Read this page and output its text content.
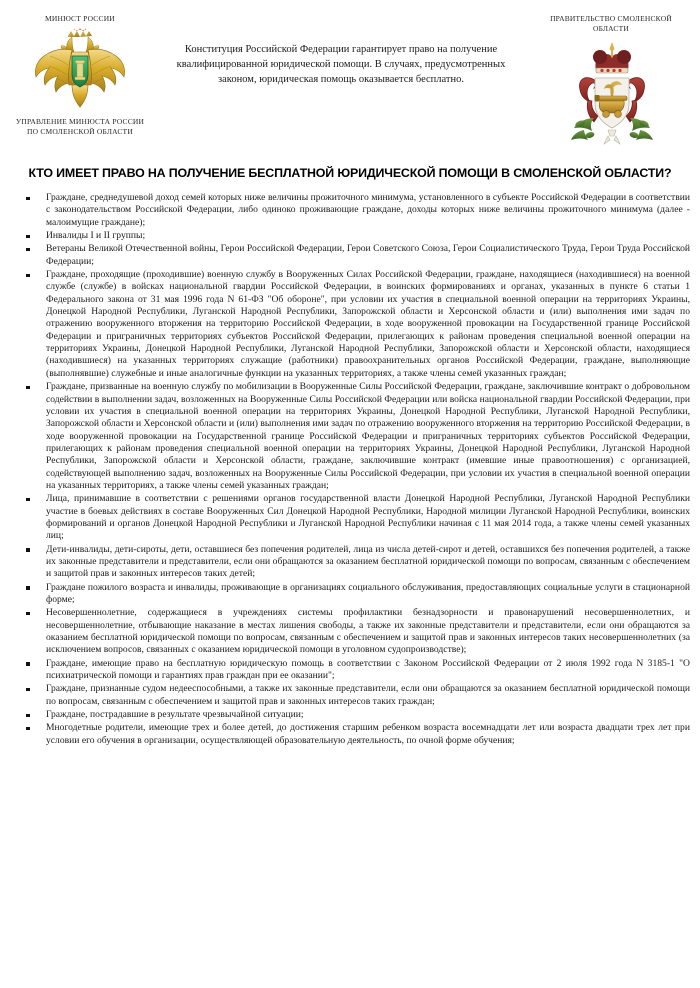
МИНЮСТ РОССИИ
УПРАВЛЕНИЕ МИНЮСТА РОССИИ ПО СМОЛЕНСКОЙ ОБЛАСТИ
Конституция Российской Федерации гарантирует право на получение квалифицированной юридической помощи. В случаях, предусмотренных законом, юридическая помощь оказывается бесплатно.
ПРАВИТЕЛЬСТВО СМОЛЕНСКОЙ ОБЛАСТИ
КТО ИМЕЕТ ПРАВО НА ПОЛУЧЕНИЕ БЕСПЛАТНОЙ ЮРИДИЧЕСКОЙ ПОМОЩИ В СМОЛЕНСКОЙ ОБЛАСТИ?
Граждане, среднедушевой доход семей которых ниже величины прожиточного минимума, установленного в субъекте Российской Федерации в соответствии с законодательством Российской Федерации, либо одиноко проживающие граждане, доходы которых ниже величины прожиточного минимума (далее - малоимущие граждане);
Инвалиды I и II группы;
Ветераны Великой Отечественной войны, Герои Российской Федерации, Герои Советского Союза, Герои Социалистического Труда, Герои Труда Российской Федерации;
Граждане, проходящие (проходившие) военную службу в Вооруженных Силах Российской Федерации, граждане, находящиеся (находившиеся) на военной службе (службе) в войсках национальной гвардии Российской Федерации, в воинских формированиях и органах, указанных в пункте 6 статьи 1 Федерального закона от 31 мая 1996 года N 61-ФЗ "Об обороне", при условии их участия в специальной военной операции на территориях Украины, Донецкой Народной Республики, Луганской Народной Республики, Запорожской области и Херсонской области и (или) выполнения ими задач по отражению вооруженного вторжения на территорию Российской Федерации, в ходе вооруженной провокации на Государственной границе Российской Федерации и приграничных территориях субъектов Российской Федерации, прилегающих к районам проведения специальной военной операции на территориях Украины, Донецкой Народной Республики, Луганской Народной Республики, Запорожской области и Херсонской области, находящиеся (находившиеся) на указанных территориях служащие (работники) правоохранительных органов Российской Федерации, граждане, выполняющие (выполнявшие) служебные и иные аналогичные функции на указанных территориях, а также члены семей указанных граждан;
Граждане, призванные на военную службу по мобилизации в Вооруженные Силы Российской Федерации, граждане, заключившие контракт о добровольном содействии в выполнении задач, возложенных на Вооруженные Силы Российской Федерации или войска национальной гвардии Российской Федерации, при условии их участия в специальной военной операции на территориях Украины, Донецкой Народной Республики, Луганской Народной Республики, Запорожской области и Херсонской области и (или) выполнения ими задач по отражению вооруженного вторжения на территорию Российской Федерации, в ходе вооруженной провокации на Государственной границе Российской Федерации и приграничных территориях субъектов Российской Федерации, прилегающих к районам проведения специальной военной операции на территориях Украины, Донецкой Народной Республики, Луганской Народной Республики, Запорожской области и Херсонской области, граждане, заключившие контракт (имевшие иные правоотношения) с организацией, содействующей выполнению задач, возложенных на Вооруженные Силы Российской Федерации, при условии их участия в специальной военной операции на указанных территориях, а также члены семей указанных граждан;
Лица, принимавшие в соответствии с решениями органов государственной власти Донецкой Народной Республики, Луганской Народной Республики участие в боевых действиях в составе Вооруженных Сил Донецкой Народной Республики, Народной милиции Луганской Народной Республики, воинских формирований и органов Донецкой Народной Республики и Луганской Народной Республики начиная с 11 мая 2014 года, а также члены семей указанных лиц;
Дети-инвалиды, дети-сироты, дети, оставшиеся без попечения родителей, лица из числа детей-сирот и детей, оставшихся без попечения родителей, а также их законные представители и представители, если они обращаются за оказанием бесплатной юридической помощи по вопросам, связанным с обеспечением и защитой прав и законных интересов таких детей;
Граждане пожилого возраста и инвалиды, проживающие в организациях социального обслуживания, предоставляющих социальные услуги в стационарной форме;
Несовершеннолетние, содержащиеся в учреждениях системы профилактики безнадзорности и правонарушений несовершеннолетних, и несовершеннолетние, отбывающие наказание в местах лишения свободы, а также их законные представители и представители, если они обращаются за оказанием бесплатной юридической помощи по вопросам, связанным с обеспечением и защитой прав и законных интересов таких несовершеннолетних (за исключением вопросов, связанных с оказанием юридической помощи в уголовном судопроизводстве);
Граждане, имеющие право на бесплатную юридическую помощь в соответствии с Законом Российской Федерации от 2 июля 1992 года N 3185-1 "О психиатрической помощи и гарантиях прав граждан при ее оказании";
Граждане, признанные судом недееспособными, а также их законные представители, если они обращаются за оказанием бесплатной юридической помощи по вопросам, связанным с обеспечением и защитой прав и законных интересов таких граждан;
Граждане, пострадавшие в результате чрезвычайной ситуации;
Многодетные родители, имеющие трех и более детей, до достижения старшим ребенком возраста восемнадцати лет или возраста двадцати трех лет при условии его обучения в организации, осуществляющей образовательную деятельность, по очной форме обучения;
